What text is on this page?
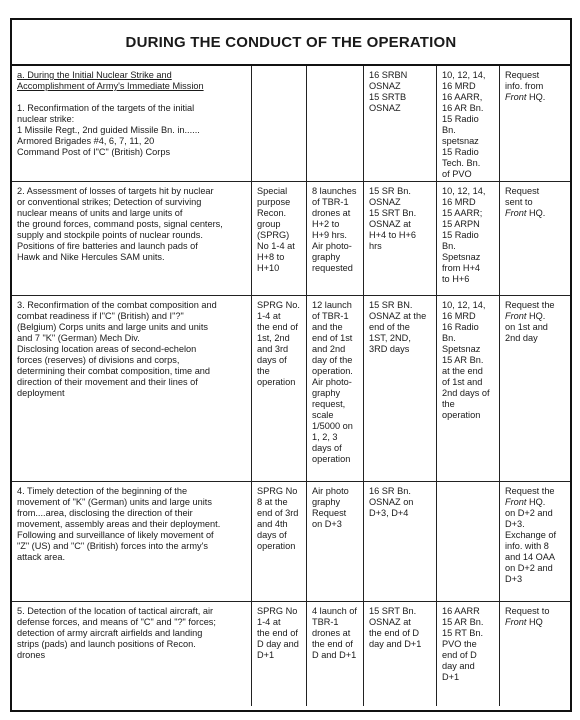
DURING THE CONDUCT OF THE OPERATION
a. During the Initial Nuclear Strike and
Accomplishment of Army's Immediate Mission
1. Reconfirmation of the targets of the initial
nuclear strike:
1 Missile Regt., 2nd guided Missile Bn. in......
Armored Brigades #4, 6, 7, 11, 20
Command Post of I"C" (British) Corps
16 SRBN
OSNAZ
15 SRTB
OSNAZ
10, 12, 14,
16 MRD
16 AARR,
16 AR Bn.
15 Radio
Bn.
spetsnaz
15 Radio
Tech. Bn.
of PVO
Request
info. from
Front HQ.
2. Assessment of losses of targets hit by nuclear
or conventional strikes; Detection of surviving
nuclear means of units and large units of
the ground forces, command posts, signal centers,
supply and stockpile points of nuclear rounds.
Positions of fire batteries and launch pads of
Hawk and Nike Hercules SAM units.
Special
purpose
Recon.
group
(SPRG)
No 1-4 at
H+8 to
H+10
8 launches
of TBR-1
drones at
H+2 to
H+9 hrs.
Air photo-
graphy
requested
15 SR Bn.
OSNAZ
15 SRT Bn.
OSNAZ at
H+4 to H+6
hrs
10, 12, 14,
16 MRD
15 AARR;
15 ARPN
15 Radio
Bn.
Spetsnaz
from H+4
to H+6
Request
sent to
Front HQ.
3. Reconfirmation of the combat composition and
combat readiness if I"C" (British) and I"?"
(Belgium) Corps units and large units and units
and 7 "K" (German) Mech Div.
Disclosing location areas of second-echelon
forces (reserves) of divisions and corps,
determining their combat composition, time and
direction of their movement and their lines of
deployment
SPRG No.
1-4 at
the end of
1st, 2nd
and 3rd
days of
the
operation
12 launch
of TBR-1
and the
end of 1st
and 2nd
day of the
operation.
Air photo-
graphy
request,
scale
1/5000 on
1, 2, 3
days of
operation
15 SR BN.
OSNAZ at the
end of the
1ST, 2ND,
3RD days
10, 12, 14,
16 MRD
16 Radio
Bn.
Spetsnaz
15 AR Bn.
at the end
of 1st and
2nd days of
the
operation
Request the
Front HQ.
on 1st and
2nd day
4. Timely detection of the beginning of the
movement of "K" (German) units and large units
from....area, disclosing the direction of their
movement, assembly areas and their deployment.
Following and surveillance of likely movement of
"Z" (US) and "C" (British) forces into the army's
attack area.
SPRG No
8 at the
end of 3rd
and 4th
days of
operation
Air photo
graphy
Request
on D+3
16 SR Bn.
OSNAZ on
D+3, D+4
Request the
Front HQ.
on D+2 and
D+3.
Exchange of
info. with 8
and 14 OAA
on D+2 and
D+3
5. Detection of the location of tactical aircraft, air
defense forces, and means of "C" and "?" forces;
detection of army aircraft airfields and landing
strips (pads) and launch positions of Recon.
drones
SPRG No
1-4 at
the end of
D day and
D+1
4 launch of
TBR-1
drones at
the end of
D and D+1
15 SRT Bn.
OSNAZ at
the end of D
day and D+1
16 AARR
15 AR Bn.
15 RT Bn.
PVO the
end of D
day and
D+1
Request to
Front HQ
